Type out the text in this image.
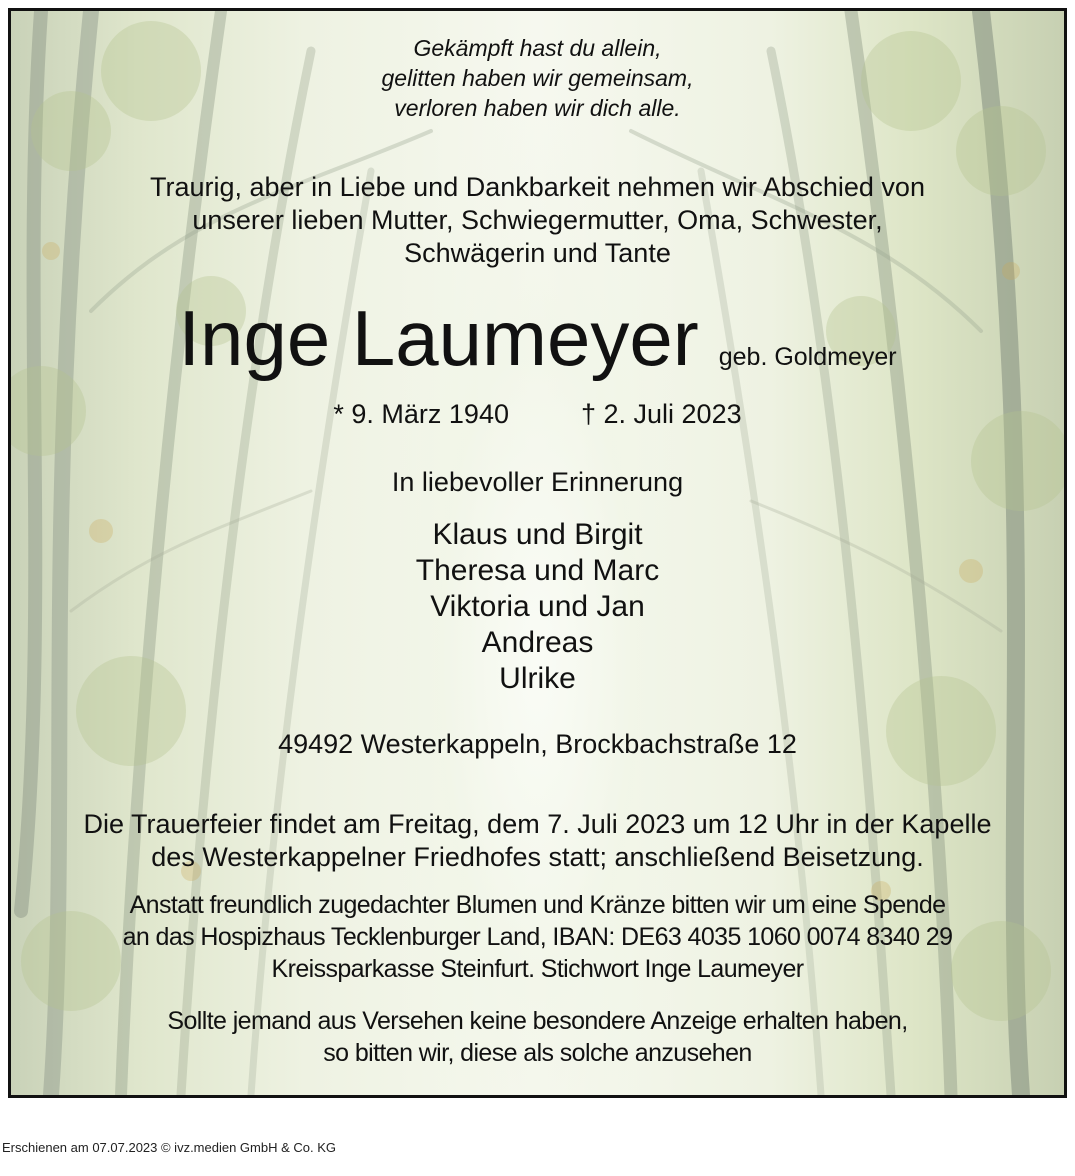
Gekämpft hast du allein,
gelitten haben wir gemeinsam,
verloren haben wir dich alle.
Traurig, aber in Liebe und Dankbarkeit nehmen wir Abschied von
unserer lieben Mutter, Schwiegermutter, Oma, Schwester,
Schwägerin und Tante
Inge Laumeyer geb. Goldmeyer
* 9. März 1940	† 2. Juli 2023
In liebevoller Erinnerung
Klaus und Birgit
Theresa und Marc
Viktoria und Jan
Andreas
Ulrike
49492 Westerkappeln, Brockbachstraße 12
Die Trauerfeier findet am Freitag, dem 7. Juli 2023 um 12 Uhr in der Kapelle
des Westerkappelner Friedhofes statt; anschließend Beisetzung.
Anstatt freundlich zugedachter Blumen und Kränze bitten wir um eine Spende
an das Hospizhaus Tecklenburger Land, IBAN: DE63 4035 1060 0074 8340 29
Kreissparkasse Steinfurt. Stichwort Inge Laumeyer
Sollte jemand aus Versehen keine besondere Anzeige erhalten haben,
so bitten wir, diese als solche anzusehen
Erschienen am 07.07.2023 © ivz.medien GmbH & Co. KG
